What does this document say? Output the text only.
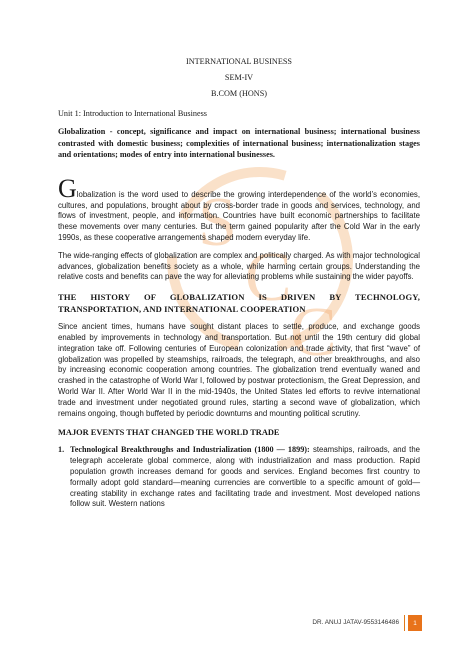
S
C
C
INTERNATIONAL BUSINESS
SEM-IV
B.COM (HONS)
Unit 1: Introduction to International Business
Globalization - concept, significance and impact on international business; international business contrasted with domestic business; complexities of international business; internationalization stages and orientations; modes of entry into international businesses.
Globalization is the word used to describe the growing interdependence of the world’s economies, cultures, and populations, brought about by cross-border trade in goods and services, technology, and flows of investment, people, and information. Countries have built economic partnerships to facilitate these movements over many centuries. But the term gained popularity after the Cold War in the early 1990s, as these cooperative arrangements shaped modern everyday life.
The wide-ranging effects of globalization are complex and politically charged. As with major technological advances, globalization benefits society as a whole, while harming certain groups. Understanding the relative costs and benefits can pave the way for alleviating problems while sustaining the wider payoffs.
THE HISTORY OF GLOBALIZATION IS DRIVEN BY TECHNOLOGY, TRANSPORTATION, AND INTERNATIONAL COOPERATION
Since ancient times, humans have sought distant places to settle, produce, and exchange goods enabled by improvements in technology and transportation. But not until the 19th century did global integration take off. Following centuries of European colonization and trade activity, that first “wave” of globalization was propelled by steamships, railroads, the telegraph, and other breakthroughs, and also by increasing economic cooperation among countries. The globalization trend eventually waned and crashed in the catastrophe of World War I, followed by postwar protectionism, the Great Depression, and World War II. After World War II in the mid-1940s, the United States led efforts to revive international trade and investment under negotiated ground rules, starting a second wave of globalization, which remains ongoing, though buffeted by periodic downturns and mounting political scrutiny.
MAJOR EVENTS THAT CHANGED THE WORLD TRADE
1. Technological Breakthroughs and Industrialization (1800 — 1899): steamships, railroads, and the telegraph accelerate global commerce, along with industrialization and mass production. Rapid population growth increases demand for goods and services. England becomes first country to formally adopt gold standard—meaning currencies are convertible to a specific amount of gold—creating stability in exchange rates and facilitating trade and investment. Most developed nations follow suit. Western nations
DR. ANUJ JATAV-9553146486	1
